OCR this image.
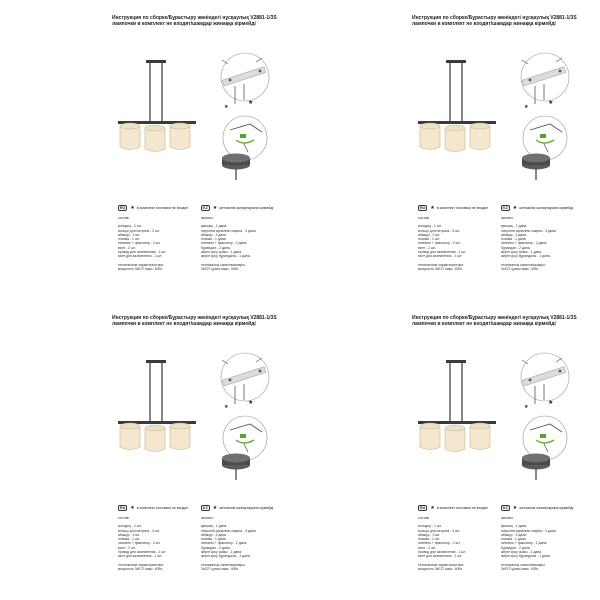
★
★
Инструкция по сборке/Бұрастыру жөніндегі нұсқаулық V2881-1/3S
лампочки в комплект не входят/шамдар жинаққа кірмейді
RU	★ в комплект поставки не входят	KZ	★ жеткізілім жинақтарына кірмейді
состав:
колодец - 1 шт.
кольцо для патрона - 3 шт.
абажур - 3 шт.
планка - 1 шт.
ниппель + фиксатор - 2 шт.
винт - 2 шт.
провод для заземления - 1 шт.
винт для заземления - 1 шт.
технические характеристики:
мощность 3xE27 макс. 40Вт.
жинағы:
қапшық - 1 дана.
патронға арналған сақина - 3 дана.
абажур - 3 дана.
планка - 1 дана.
ниппель + фиксатор - 2 дана.
бұрандал - 2 дана.
жерге қосу сымы - 1 дана.
жерге қосу бұрандалы - 1 дана.
техникалық сипаттамалары:
3xE27 қуаты макс. 40Вт.
★
★
Инструкция по сборке/Бұрастыру жөніндегі нұсқаулық V2881-1/3S
лампочки в комплект не входят/шамдар жинаққа кірмейді
RU	★ в комплект поставки не входят	KZ	★ жеткізілім жинақтарына кірмейді
состав:
колодец - 1 шт.
кольцо для патрона - 3 шт.
абажур - 3 шт.
планка - 1 шт.
ниппель + фиксатор - 2 шт.
винт - 2 шт.
провод для заземления - 1 шт.
винт для заземления - 1 шт.
технические характеристики:
мощность 3xE27 макс. 40Вт.
жинағы:
қапшық - 1 дана.
патронға арналған сақина - 3 дана.
абажур - 3 дана.
планка - 1 дана.
ниппель + фиксатор - 2 дана.
бұрандал - 2 дана.
жерге қосу сымы - 1 дана.
жерге қосу бұрандалы - 1 дана.
техникалық сипаттамалары:
3xE27 қуаты макс. 40Вт.
★
★
Инструкция по сборке/Бұрастыру жөніндегі нұсқаулық V2881-1/3S
лампочки в комплект не входят/шамдар жинаққа кірмейді
RU	★ в комплект поставки не входят	KZ	★ жеткізілім жинақтарына кірмейді
состав:
колодец - 1 шт.
кольцо для патрона - 3 шт.
абажур - 3 шт.
планка - 1 шт.
ниппель + фиксатор - 2 шт.
винт - 2 шт.
провод для заземления - 1 шт.
винт для заземления - 1 шт.
технические характеристики:
мощность 3xE27 макс. 40Вт.
жинағы:
қапшық - 1 дана.
патронға арналған сақина - 3 дана.
абажур - 3 дана.
планка - 1 дана.
ниппель + фиксатор - 2 дана.
бұрандал - 2 дана.
жерге қосу сымы - 1 дана.
жерге қосу бұрандалы - 1 дана.
техникалық сипаттамалары:
3xE27 қуаты макс. 40Вт.
★
★
Инструкция по сборке/Бұрастыру жөніндегі нұсқаулық V2881-1/3S
лампочки в комплект не входят/шамдар жинаққа кірмейді
RU	★ в комплект поставки не входят	KZ	★ жеткізілім жинақтарына кірмейді
состав:
колодец - 1 шт.
кольцо для патрона - 3 шт.
абажур - 3 шт.
планка - 1 шт.
ниппель + фиксатор - 2 шт.
винт - 2 шт.
провод для заземления - 1 шт.
винт для заземления - 1 шт.
технические характеристики:
мощность 3xE27 макс. 40Вт.
жинағы:
қапшық - 1 дана.
патронға арналған сақина - 3 дана.
абажур - 3 дана.
планка - 1 дана.
ниппель + фиксатор - 2 дана.
бұрандал - 2 дана.
жерге қосу сымы - 1 дана.
жерге қосу бұрандалы - 1 дана.
техникалық сипаттамалары:
3xE27 қуаты макс. 40Вт.
